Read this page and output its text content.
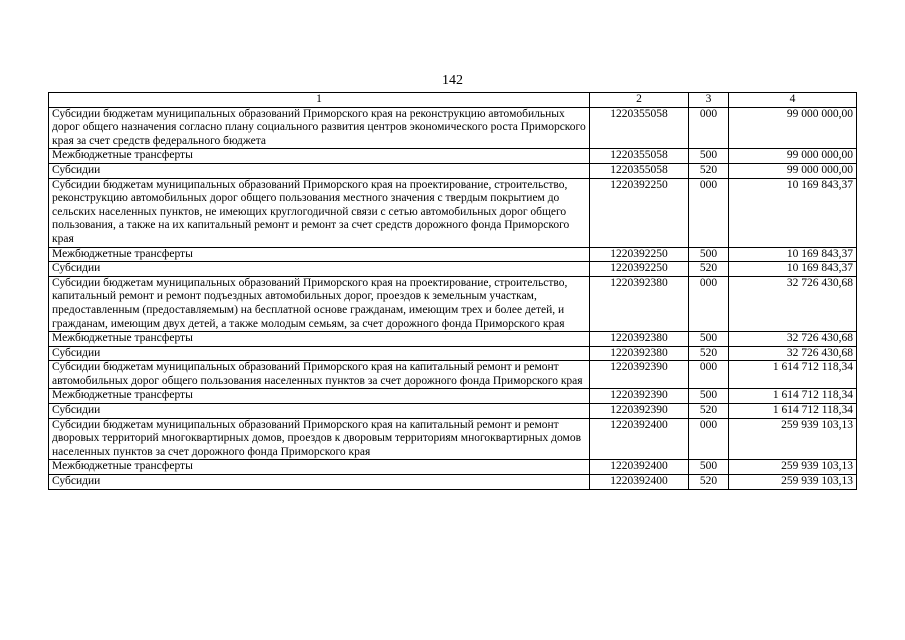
142
1	2	3	4
Субсидии бюджетам муниципальных образований Приморского края на реконструкцию автомобильных дорог общего назначения согласно плану социального развития центров экономического роста Приморского края за счет средств федерального бюджета	1220355058	000	99 000 000,00
Межбюджетные трансферты	1220355058	500	99 000 000,00
Субсидии	1220355058	520	99 000 000,00
Субсидии бюджетам муниципальных образований Приморского края на проектирование, строительство, реконструкцию автомобильных дорог общего пользования местного значения с твердым покрытием до сельских населенных пунктов, не имеющих круглогодичной связи с сетью автомобильных дорог общего пользования, а также на их капитальный ремонт и ремонт за счет средств дорожного фонда Приморского края	1220392250	000	10 169 843,37
Межбюджетные трансферты	1220392250	500	10 169 843,37
Субсидии	1220392250	520	10 169 843,37
Субсидии бюджетам муниципальных образований Приморского края на проектирование, строительство, капитальный ремонт и ремонт подъездных автомобильных дорог, проездов к земельным участкам, предоставленным (предоставляемым) на бесплатной основе гражданам, имеющим трех и более детей, и гражданам, имеющим двух детей, а также молодым семьям, за счет дорожного фонда Приморского края	1220392380	000	32 726 430,68
Межбюджетные трансферты	1220392380	500	32 726 430,68
Субсидии	1220392380	520	32 726 430,68
Субсидии бюджетам муниципальных образований Приморского края на капитальный ремонт и ремонт автомобильных дорог общего пользования населенных пунктов за счет дорожного фонда Приморского края	1220392390	000	1 614 712 118,34
Межбюджетные трансферты	1220392390	500	1 614 712 118,34
Субсидии	1220392390	520	1 614 712 118,34
Субсидии бюджетам муниципальных образований Приморского края на капитальный ремонт и ремонт дворовых территорий многоквартирных домов, проездов к дворовым территориям многоквартирных домов населенных пунктов за счет дорожного фонда Приморского края	1220392400	000	259 939 103,13
Межбюджетные трансферты	1220392400	500	259 939 103,13
Субсидии	1220392400	520	259 939 103,13
